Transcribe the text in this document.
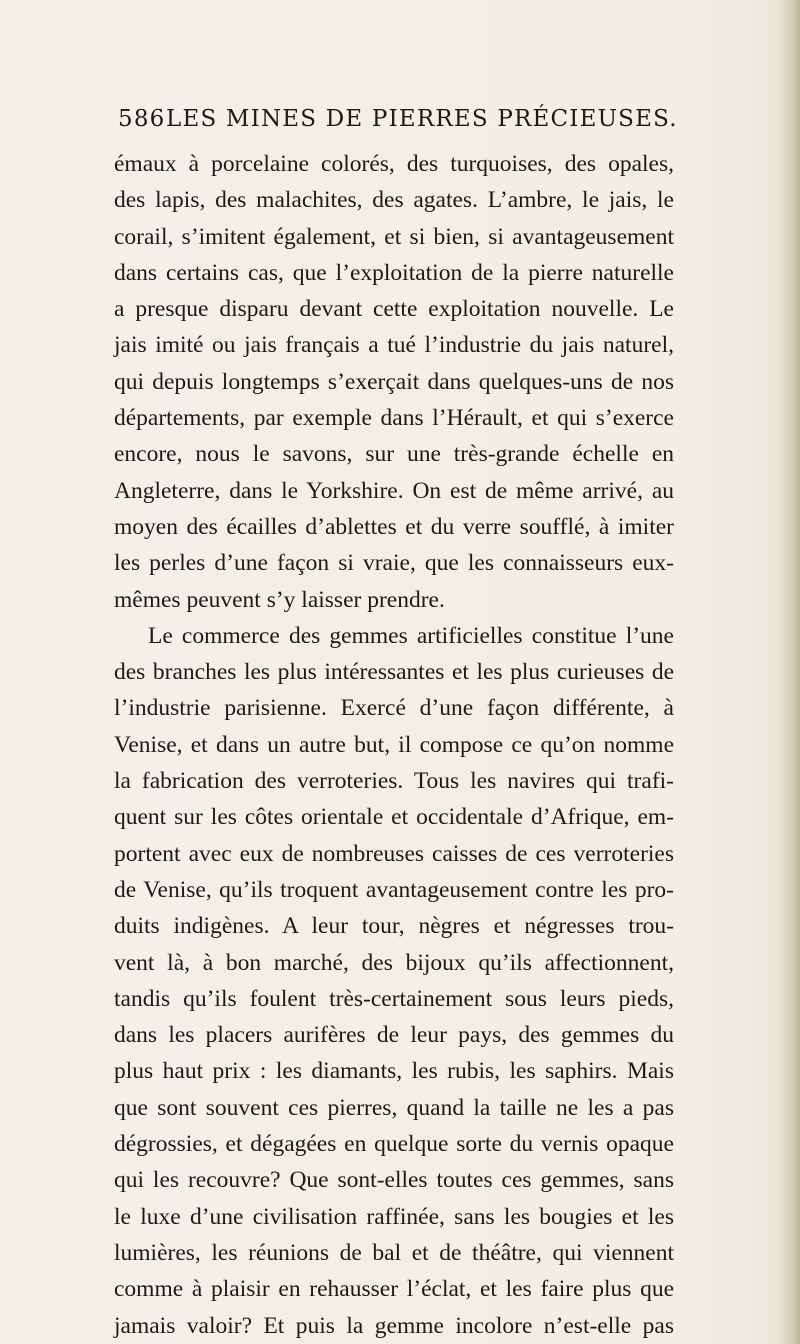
586 LES MINES DE PIERRES PRÉCIEUSES.
émaux à porcelaine colorés, des turquoises, des opales,
des lapis, des malachites, des agates. L’ambre, le jais, le
corail, s’imitent également, et si bien, si avantageusement
dans certains cas, que l’exploitation de la pierre naturelle
a presque disparu devant cette exploitation nouvelle. Le
jais imité ou jais français a tué l’industrie du jais naturel,
qui depuis longtemps s’exerçait dans quelques-uns de nos
départements, par exemple dans l’Hérault, et qui s’exerce
encore, nous le savons, sur une très-grande échelle en
Angleterre, dans le Yorkshire. On est de même arrivé, au
moyen des écailles d’ablettes et du verre soufflé, à imiter
les perles d’une façon si vraie, que les connaisseurs eux-
mêmes peuvent s’y laisser prendre.
Le commerce des gemmes artificielles constitue l’une
des branches les plus intéressantes et les plus curieuses de
l’industrie parisienne. Exercé d’une façon différente, à
Venise, et dans un autre but, il compose ce qu’on nomme
la fabrication des verroteries. Tous les navires qui trafi-
quent sur les côtes orientale et occidentale d’Afrique, em-
portent avec eux de nombreuses caisses de ces verroteries
de Venise, qu’ils troquent avantageusement contre les pro-
duits indigènes. A leur tour, nègres et négresses trou-
vent là, à bon marché, des bijoux qu’ils affectionnent,
tandis qu’ils foulent très-certainement sous leurs pieds,
dans les placers aurifères de leur pays, des gemmes du
plus haut prix : les diamants, les rubis, les saphirs. Mais
que sont souvent ces pierres, quand la taille ne les a pas
dégrossies, et dégagées en quelque sorte du vernis opaque
qui les recouvre? Que sont-elles toutes ces gemmes, sans
le luxe d’une civilisation raffinée, sans les bougies et les
lumières, les réunions de bal et de théâtre, qui viennent
comme à plaisir en rehausser l’éclat, et les faire plus que
jamais valoir? Et puis la gemme incolore n’est-elle pas
